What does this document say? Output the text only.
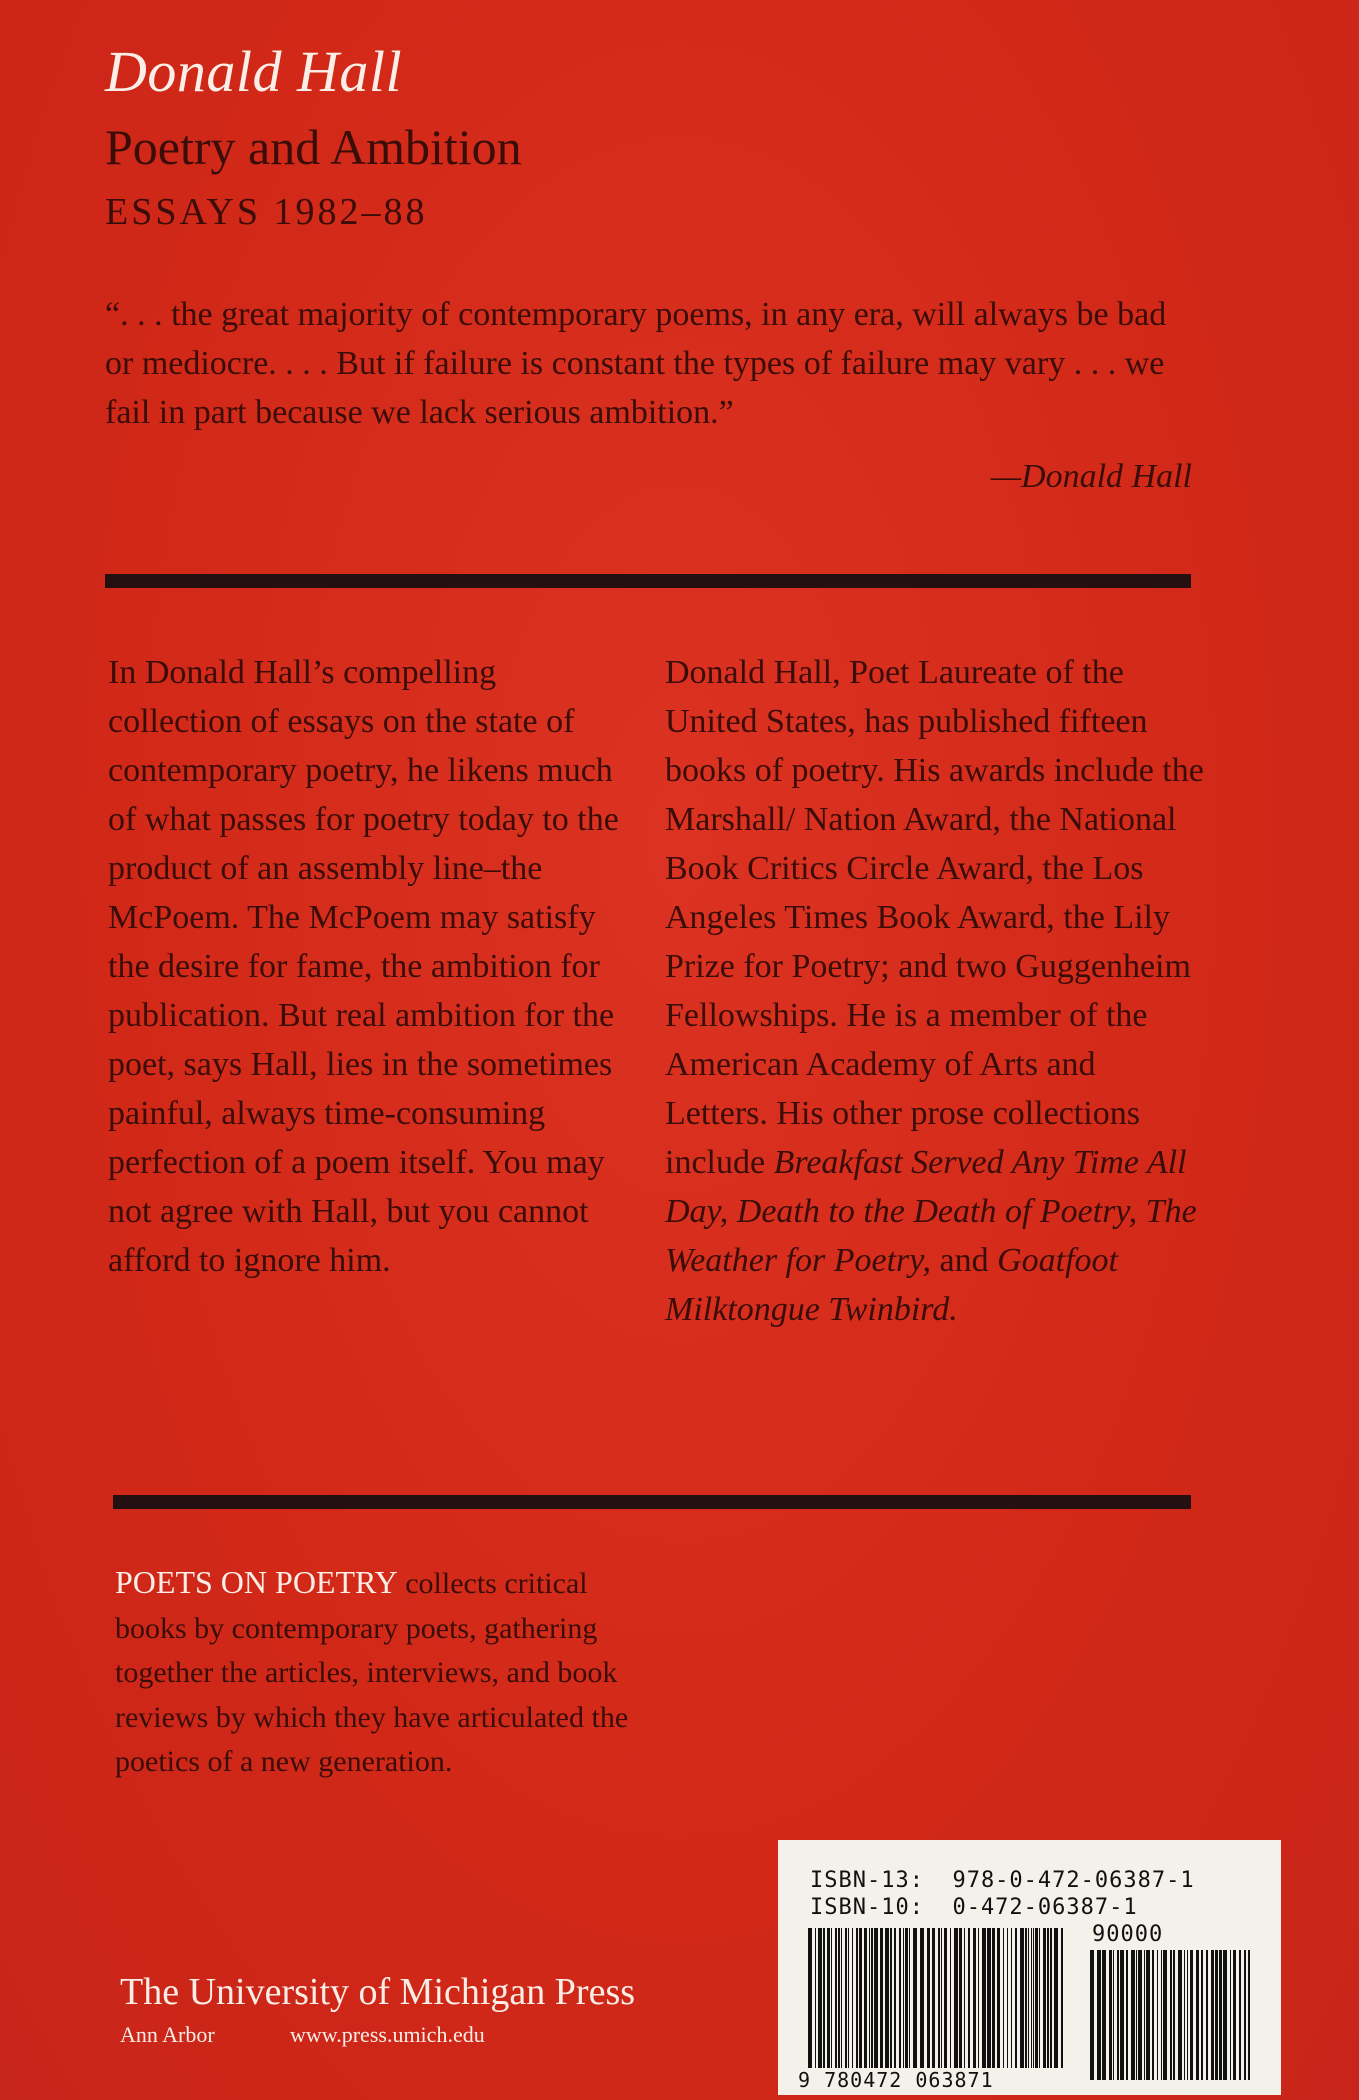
Donald Hall
Poetry and Ambition
ESSAYS 1982–88
“. . . the great majority of contemporary poems, in any era, will always be bad or mediocre. . . . But if failure is constant the types of failure may vary . . . we fail in part because we lack serious ambition.”
—Donald Hall
In Donald Hall’s compelling collection of essays on the state of contemporary poetry, he likens much of what passes for poetry today to the product of an assembly line–the McPoem. The McPoem may satisfy the desire for fame, the ambition for publication. But real ambition for the poet, says Hall, lies in the sometimes painful, always time-consuming perfection of a poem itself. You may not agree with Hall, but you cannot afford to ignore him.
Donald Hall, Poet Laureate of the United States, has published fifteen books of poetry. His awards include the Marshall/ Nation Award, the National Book Critics Circle Award, the Los Angeles Times Book Award, the Lily Prize for Poetry; and two Guggenheim Fellowships. He is a member of the American Academy of Arts and Letters. His other prose collections include Breakfast Served Any Time All Day, Death to the Death of Poetry, The Weather for Poetry, and Goatfoot Milktongue Twinbird.
POETS ON POETRY collects critical books by contemporary poets, gathering together the articles, interviews, and book reviews by which they have articulated the poetics of a new generation.
The University of Michigan Press
Ann Arbor	www.press.umich.edu
ISBN-13:  978-0-472-06387-1
ISBN-10:  0-472-06387-1
90000
9 780472 063871
